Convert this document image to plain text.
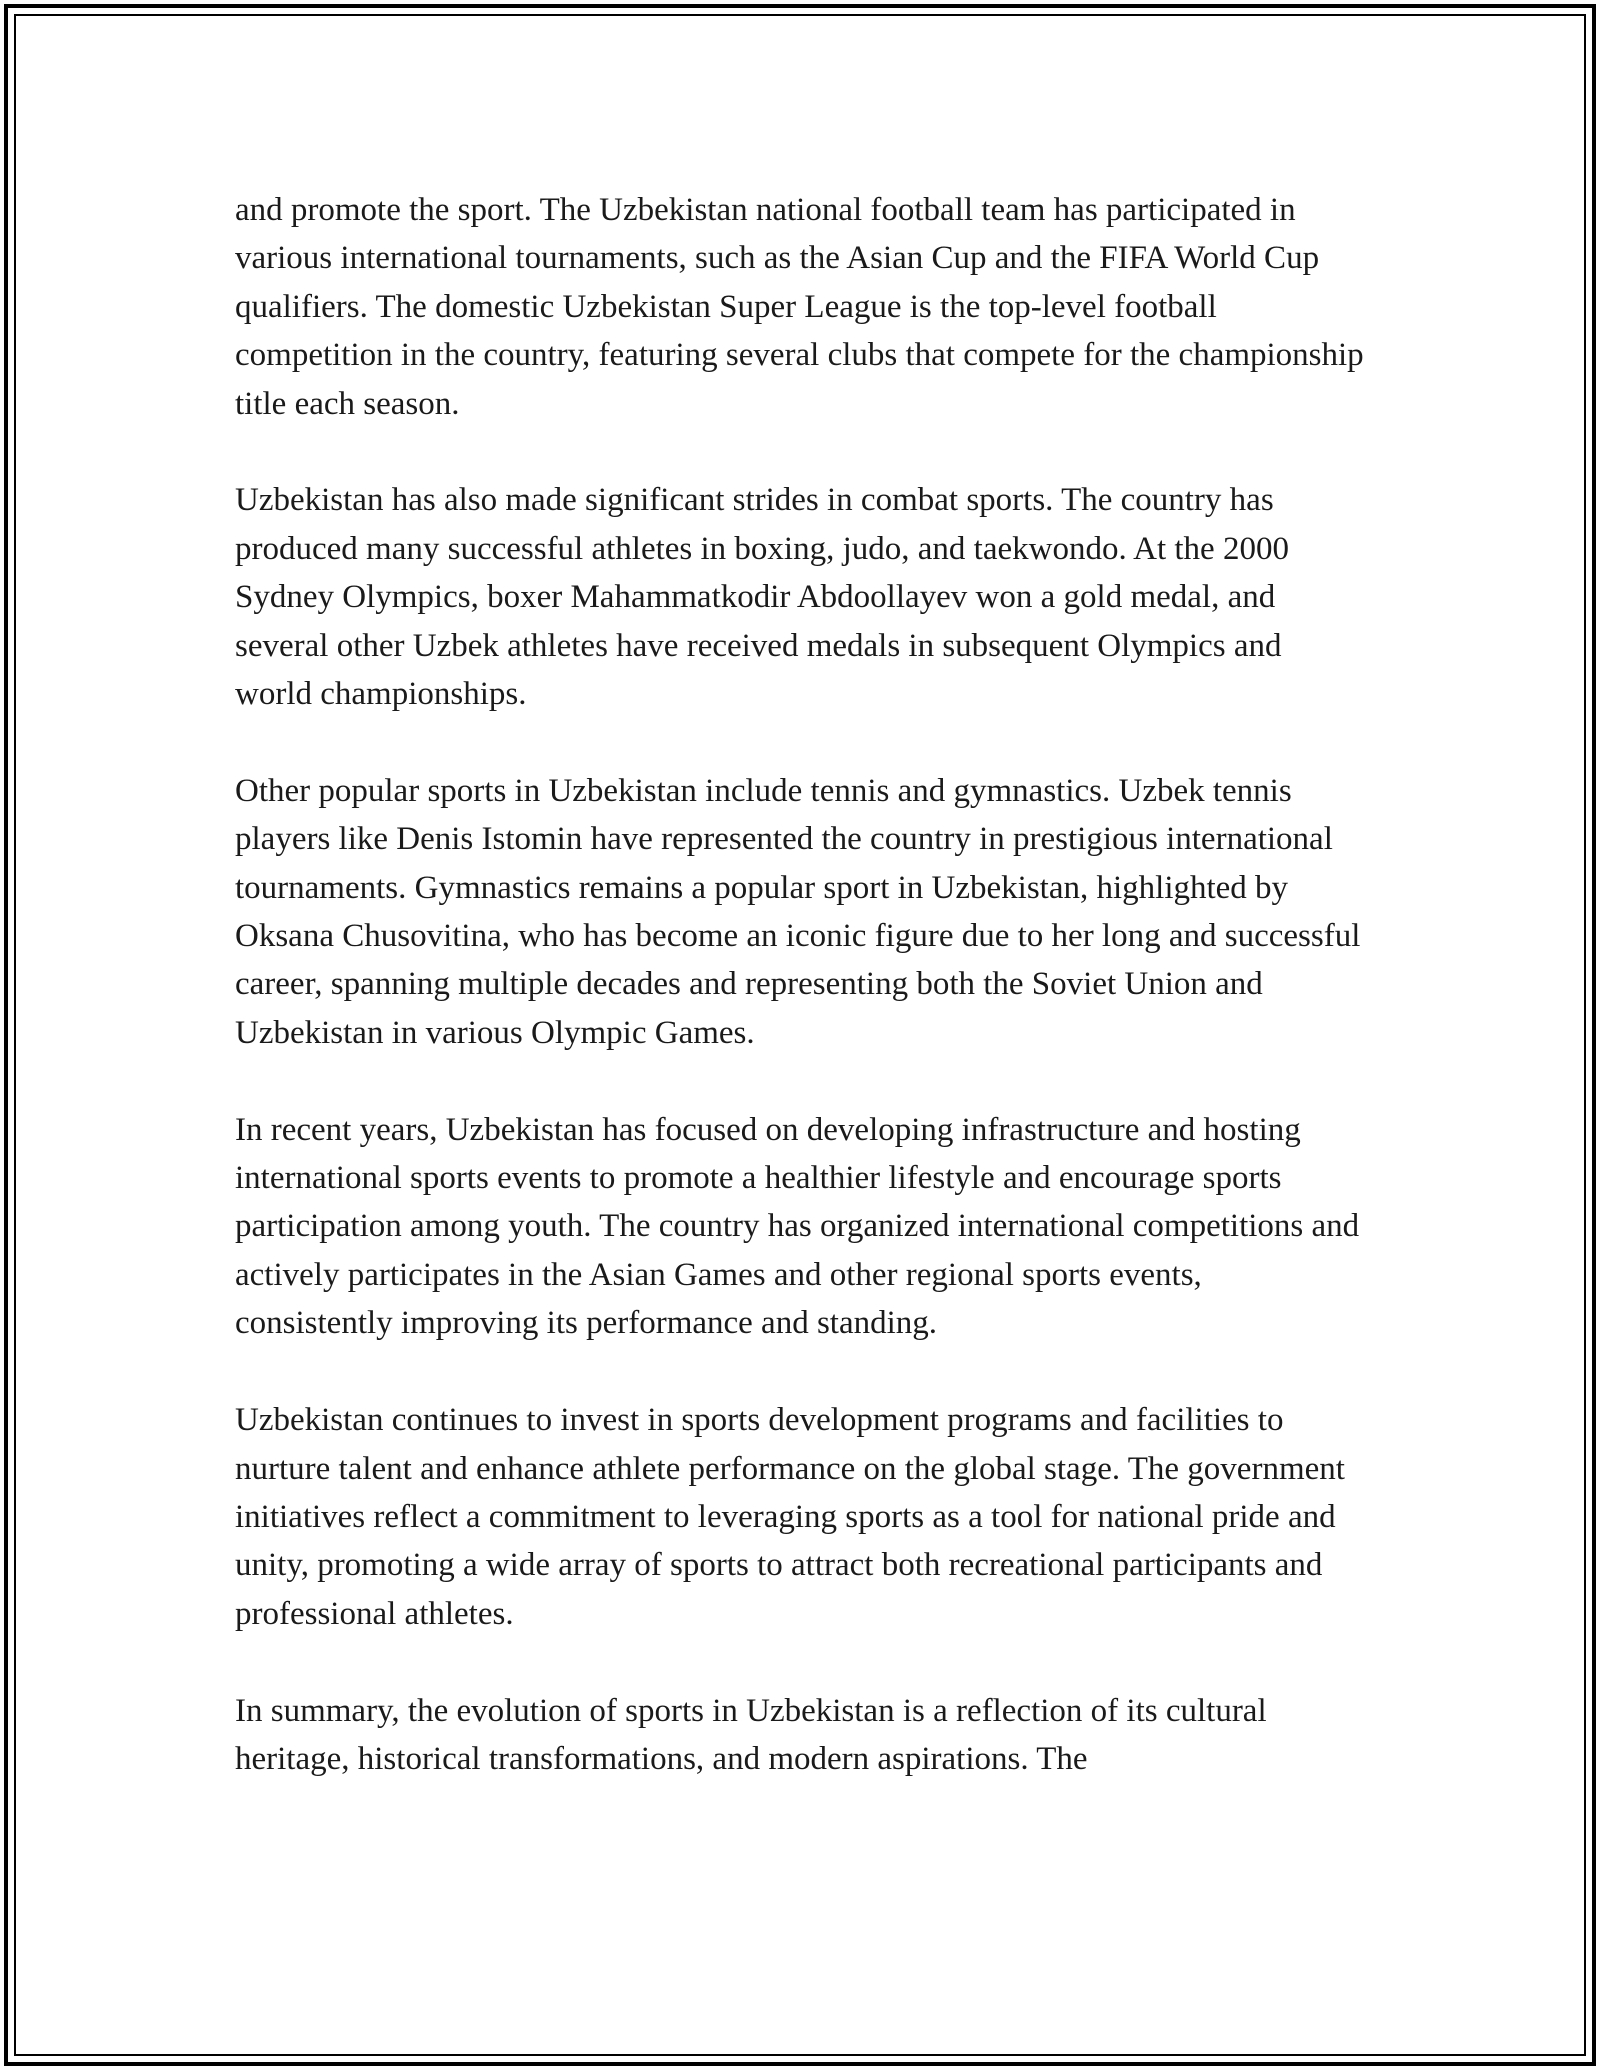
and promote the sport. The Uzbekistan national football team has participated in various international tournaments, such as the Asian Cup and the FIFA World Cup qualifiers. The domestic Uzbekistan Super League is the top-level football competition in the country, featuring several clubs that compete for the championship title each season.

Uzbekistan has also made significant strides in combat sports. The country has produced many successful athletes in boxing, judo, and taekwondo. At the 2000 Sydney Olympics, boxer Mahammatkodir Abdoollayev won a gold medal, and several other Uzbek athletes have received medals in subsequent Olympics and world championships.

Other popular sports in Uzbekistan include tennis and gymnastics. Uzbek tennis players like Denis Istomin have represented the country in prestigious international tournaments. Gymnastics remains a popular sport in Uzbekistan, highlighted by Oksana Chusovitina, who has become an iconic figure due to her long and successful career, spanning multiple decades and representing both the Soviet Union and Uzbekistan in various Olympic Games.

In recent years, Uzbekistan has focused on developing infrastructure and hosting international sports events to promote a healthier lifestyle and encourage sports participation among youth. The country has organized international competitions and actively participates in the Asian Games and other regional sports events, consistently improving its performance and standing.

Uzbekistan continues to invest in sports development programs and facilities to nurture talent and enhance athlete performance on the global stage. The government initiatives reflect a commitment to leveraging sports as a tool for national pride and unity, promoting a wide array of sports to attract both recreational participants and professional athletes.

In summary, the evolution of sports in Uzbekistan is a reflection of its cultural heritage, historical transformations, and modern aspirations. The
